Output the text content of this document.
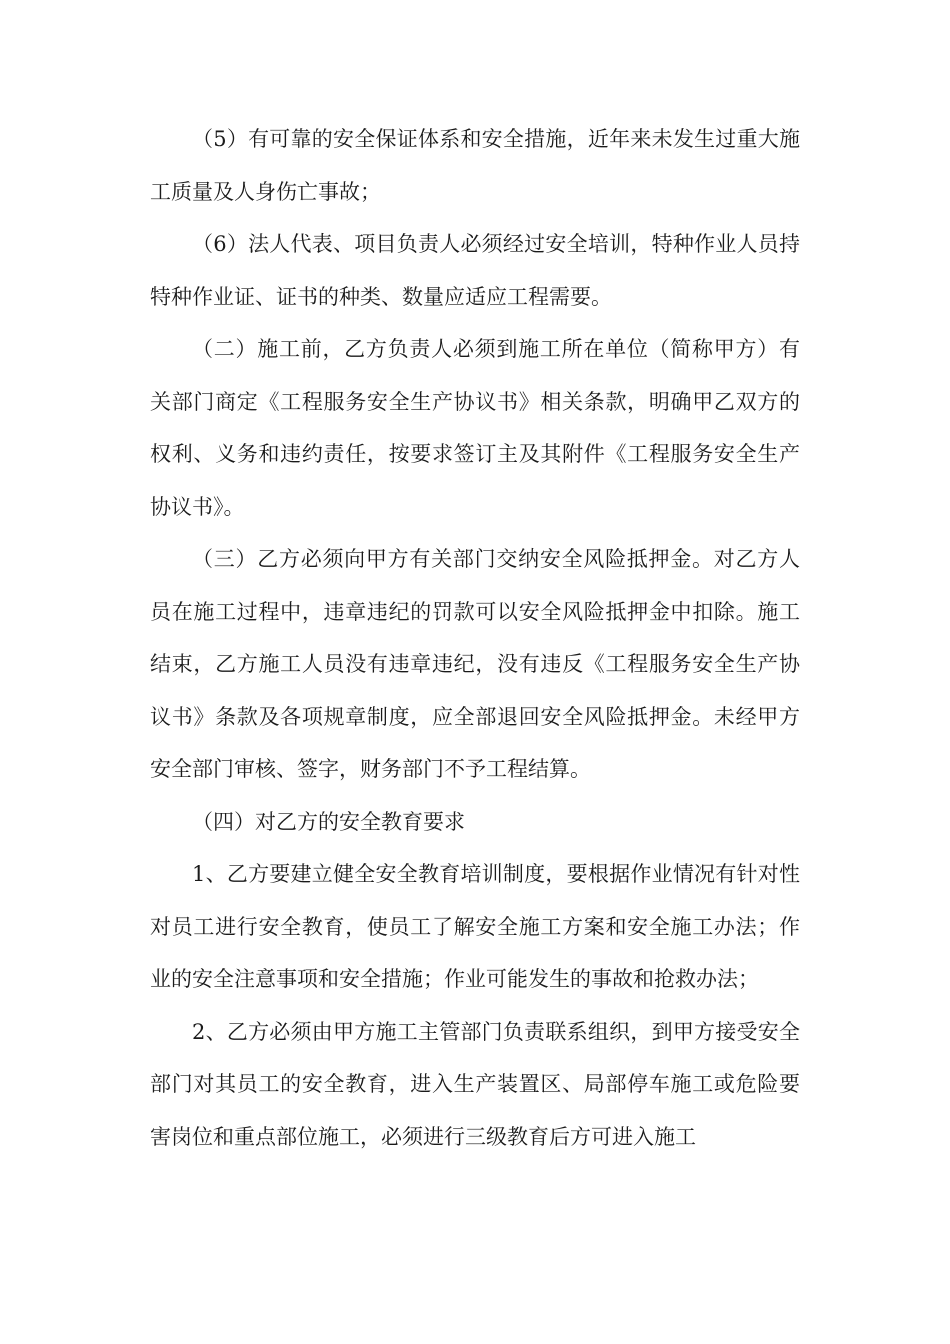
（5）有可靠的安全保证体系和安全措施，近年来未发生过重大施工质量及人身伤亡事故；

（6）法人代表、项目负责人必须经过安全培训，特种作业人员持特种作业证、证书的种类、数量应适应工程需要。

（二）施工前，乙方负责人必须到施工所在单位（简称甲方）有关部门商定《工程服务安全生产协议书》相关条款，明确甲乙双方的权利、义务和违约责任，按要求签订主及其附件《工程服务安全生产协议书》。

（三）乙方必须向甲方有关部门交纳安全风险抵押金。对乙方人员在施工过程中，违章违纪的罚款可以安全风险抵押金中扣除。施工结束，乙方施工人员没有违章违纪，没有违反《工程服务安全生产协议书》条款及各项规章制度，应全部退回安全风险抵押金。未经甲方安全部门审核、签字，财务部门不予工程结算。

（四）对乙方的安全教育要求

1、乙方要建立健全安全教育培训制度，要根据作业情况有针对性对员工进行安全教育，使员工了解安全施工方案和安全施工办法；作业的安全注意事项和安全措施；作业可能发生的事故和抢救办法；

2、乙方必须由甲方施工主管部门负责联系组织，到甲方接受安全部门对其员工的安全教育，进入生产装置区、局部停车施工或危险要害岗位和重点部位施工，必须进行三级教育后方可进入施工
